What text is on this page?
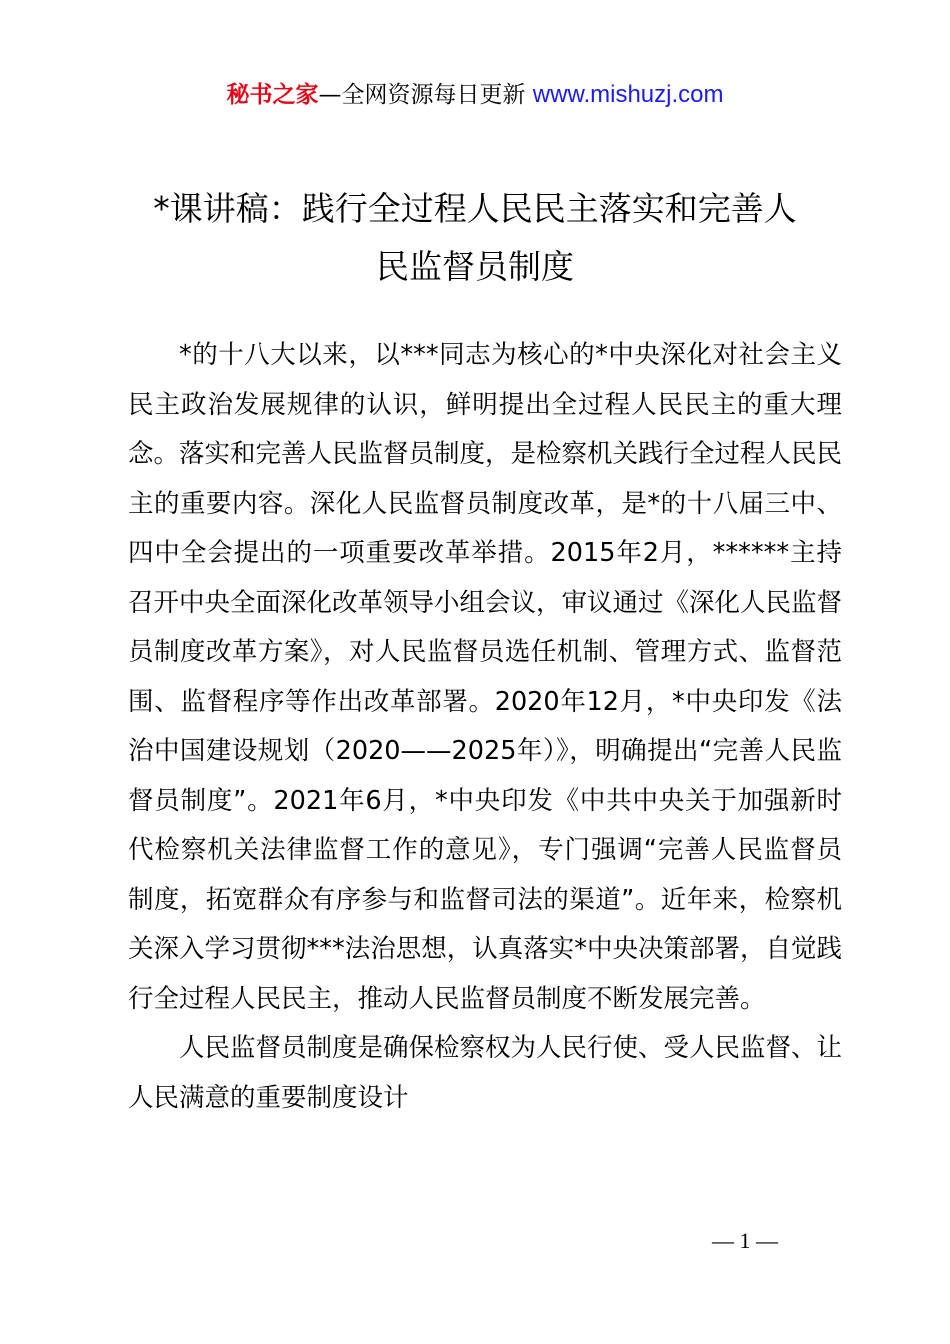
秘书之家—全网资源每日更新 www.mishuzj.com
*课讲稿：践行全过程人民民主落实和完善人
民监督员制度

*的十八大以来，以***同志为核心的*中央深化对社会主义民主政治发展规律的认识，鲜明提出全过程人民民主的重大理念。落实和完善人民监督员制度，是检察机关践行全过程人民民主的重要内容。深化人民监督员制度改革，是*的十八届三中、四中全会提出的一项重要改革举措。2015年2月，******主持召开中央全面深化改革领导小组会议，审议通过《深化人民监督员制度改革方案》，对人民监督员选任机制、管理方式、监督范围、监督程序等作出改革部署。2020年12月，*中央印发《法治中国建设规划（2020——2025年）》，明确提出“完善人民监督员制度”。2021年6月，*中央印发《中共中央关于加强新时代检察机关法律监督工作的意见》，专门强调“完善人民监督员制度，拓宽群众有序参与和监督司法的渠道”。近年来，检察机关深入学习贯彻***法治思想，认真落实*中央决策部署，自觉践行全过程人民民主，推动人民监督员制度不断发展完善。

人民监督员制度是确保检察权为人民行使、受人民监督、让人民满意的重要制度设计

— 1 —
